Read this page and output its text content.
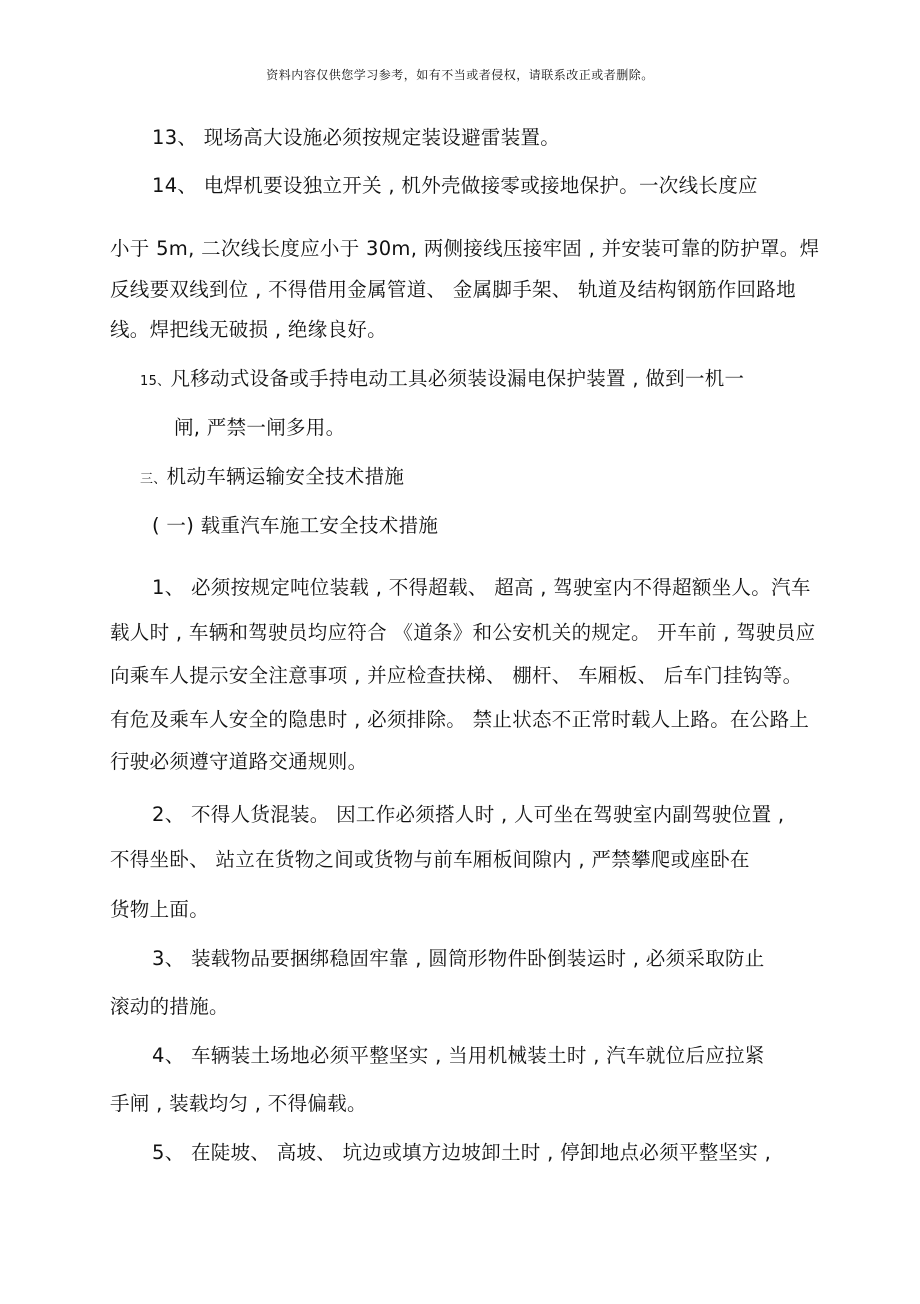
资料内容仅供您学习参考，如有不当或者侵权，请联系改正或者删除。
13、 现场高大设施必须按规定装设避雷装置。
14、 电焊机要设独立开关 , 机外壳做接零或接地保护。一次线长度应
小于 5m, 二次线长度应小于 30m, 两侧接线压接牢固 , 并安装可靠的防护罩。焊
反线要双线到位 , 不得借用金属管道、 金属脚手架、 轨道及结构钢筋作回路地
线。焊把线无破损 , 绝缘良好。
15、凡移动式设备或手持电动工具必须装设漏电保护装置 , 做到一机一
闸, 严禁一闸多用。
三、机动车辆运输安全技术措施
( 一) 载重汽车施工安全技术措施
1、 必须按规定吨位装载 , 不得超载、 超高 , 驾驶室内不得超额坐人。汽车
载人时 , 车辆和驾驶员均应符合 《道条》和公安机关的规定。 开车前 , 驾驶员应
向乘车人提示安全注意事项 , 并应检查扶梯、 棚杆、 车厢板、 后车门挂钩等。
有危及乘车人安全的隐患时 , 必须排除。 禁止状态不正常时载人上路。在公路上
行驶必须遵守道路交通规则。
2、 不得人货混装。 因工作必须搭人时 , 人可坐在驾驶室内副驾驶位置 ,
不得坐卧、 站立在货物之间或货物与前车厢板间隙内 , 严禁攀爬或座卧在
货物上面。
3、 装载物品要捆绑稳固牢靠 , 圆筒形物件卧倒装运时 , 必须采取防止
滚动的措施。
4、 车辆装土场地必须平整坚实 , 当用机械装土时 , 汽车就位后应拉紧
手闸 , 装载均匀 , 不得偏载。
5、 在陡坡、 高坡、 坑边或填方边坡卸土时 , 停卸地点必须平整坚实 ,
